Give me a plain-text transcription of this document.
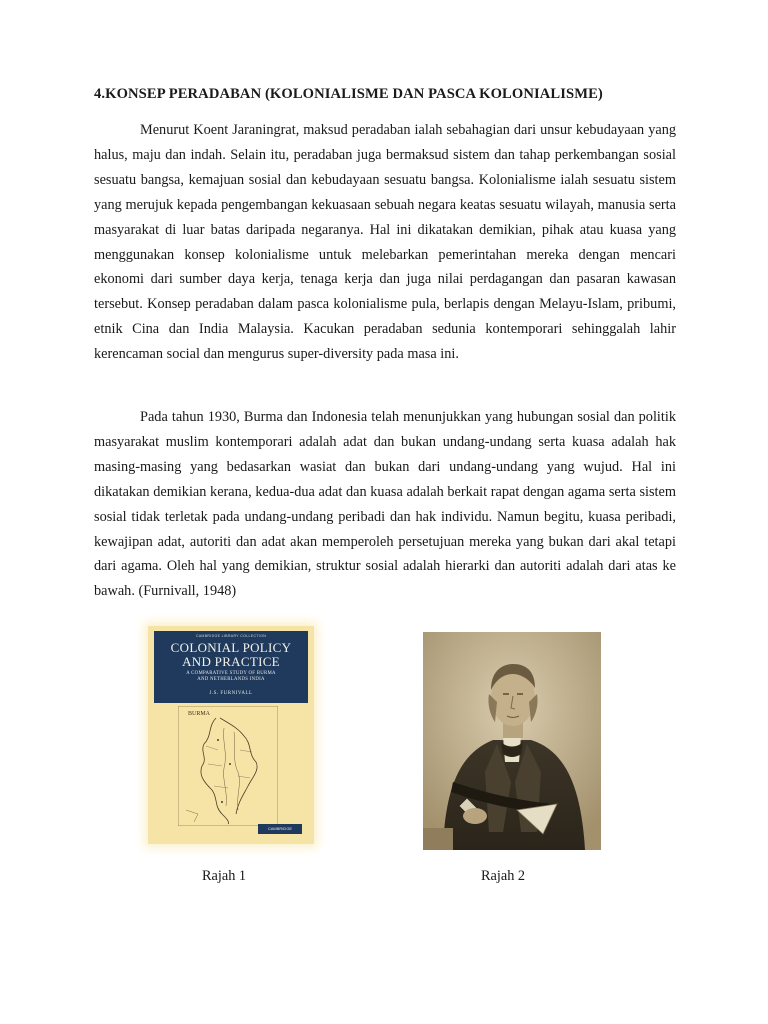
4.KONSEP PERADABAN (KOLONIALISME DAN PASCA KOLONIALISME)

Menurut Koent Jaraningrat, maksud peradaban ialah sebahagian dari unsur kebudayaan yang halus, maju dan indah. Selain itu, peradaban juga bermaksud sistem dan tahap perkembangan sosial sesuatu bangsa, kemajuan sosial dan kebudayaan sesuatu bangsa. Kolonialisme ialah sesuatu sistem yang merujuk kepada pengembangan kekuasaan sebuah negara keatas sesuatu wilayah, manusia serta masyarakat di luar batas daripada negaranya. Hal ini dikatakan demikian, pihak atau kuasa yang menggunakan konsep kolonialisme untuk melebarkan pemerintahan mereka dengan mencari ekonomi dari sumber daya kerja, tenaga kerja dan juga nilai perdagangan dan pasaran kawasan tersebut. Konsep peradaban dalam pasca kolonialisme pula, berlapis dengan Melayu-Islam, pribumi, etnik Cina dan India Malaysia. Kacukan peradaban sedunia kontemporari sehinggalah lahir kerencaman social dan mengurus super-diversity pada masa ini.

Pada tahun 1930, Burma dan Indonesia telah menunjukkan yang hubungan sosial dan politik masyarakat muslim kontemporari adalah adat dan bukan undang-undang serta kuasa adalah hak masing-masing yang bedasarkan wasiat dan bukan dari undang-undang yang wujud. Hal ini dikatakan demikian kerana, kedua-dua adat dan kuasa adalah berkait rapat dengan agama serta sistem sosial tidak terletak pada undang-undang peribadi dan hak individu. Namun begitu, kuasa peribadi, kewajipan adat, autoriti dan adat akan memperoleh persetujuan mereka yang bukan dari akal tetapi dari agama. Oleh hal yang demikian, struktur sosial adalah hierarki dan autoriti adalah dari atas ke bawah. (Furnivall, 1948)

CAMBRIDGE LIBRARY COLLECTION
COLONIAL POLICY
AND PRACTICE
A COMPARATIVE STUDY OF BURMA
AND NETHERLANDS INDIA
J.S. FURNIVALL
BURMA
CAMBRIDGE
Rajah 1	Rajah 2
